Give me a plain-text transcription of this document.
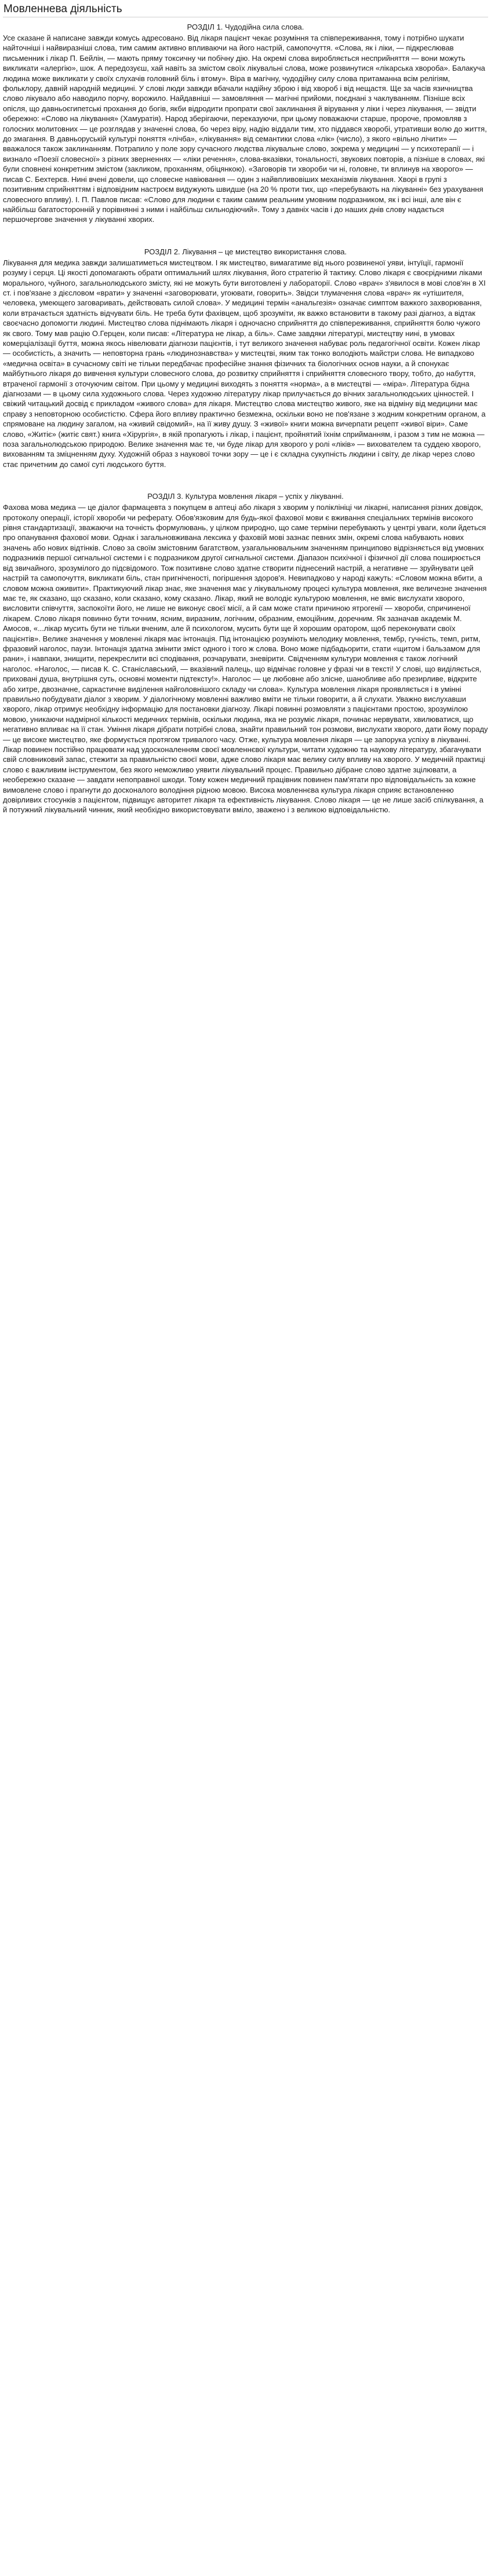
Мовленнева діяльність
РОЗДІЛ 1. Чудодійна сила слова.

Усе сказане й написане завжди комусь адресовано. Від лікаря пацієнт чекає розуміння та співпереживання, тому і потрібно шукати найточніші і найвиразніші слова, тим самим активно впливаючи на його настрій, самопочуття. «Слова, як і ліки, — підкреслював письменник і лікар П. Бейлін, — мають пряму токсичну чи побічну дію. На окремі слова виробляється несприйняття — вони можуть викликати «алергію», шок. А передозуєш, хай навіть за змістом своїх лікувальні слова, може розвинутися «лікарська хвороба». Балакуча людина може викликати у своїх слухачів головний біль і втому». Віра в магічну, чудодійну силу слова притаманна всім релігіям, фольклору, давній народній медицині. У слові люди завжди вбачали надійну зброю і від хвороб і від нещастя. Ще за часів язичництва слово лікувало або наводило порчу, ворожило. Найдавніші — замовляння — магічні прийоми, поєднані з чаклуванням. Пізніше всіх опісля, що давньоєгипетські прохання до богів, якби відродити пропрати свої заклинання й вірування у ліки і через лікування, — звідти обережно: «Слово на лікування» (Хамуратія). Народ зберігаючи, переказуючи, при цьому поважаючи старше, пророче, промовляв з голосних молитовних — це розглядав у значенні слова, бо через віру, надію віддали тим, хто піддався хворобі, утративши волю до життя, до змагання. В давньоруській культурі поняття «лічба», «лікування» від семантики слова «лік» (число), з якого «вільно лічити» — вважалося також заклинанням. Потрапило у поле зору сучасного людства лікувальне слово, зокрема у медицині — у психотерапії — і визнало «Поезії словесної» з різних зверненнях — «ліки речення», слова-вказівки, тональності, звукових повторів, а пізніше в словах, які були сповнені конкретним змістом (закликом, проханням, обіцянкою). «Заговорів ти хвороби чи ні, головне, ти вплинув на хворого» — писав С. Бехтерєв. Нині вчені довели, що словесне навіювання — один з найвпливовіших механізмів лікування. Хворі в групі з позитивним сприйняттям і відповідним настроєм видужують швидше (на 20 % проти тих, що «перебувають на лікуванні» без урахування словесного впливу). І. П. Павлов писав: «Слово для людини є таким самим реальним умовним подразником, як і всі інші, але він є найбільш багатосторонній у порівнянні з ними і найбільш сильнодіючий». Тому з давніх часів і до наших днів слову надається першочергове значення у лікуванні хворих.

РОЗДІЛ 2. Лікування – це мистецтво використання слова.

Лікування для медика завжди залишатиметься мистецтвом. І як мистецтво, вимагатиме від нього розвиненої уяви, інтуїції, гармонії розуму і серця. Ці якості допомагають обрати оптимальний шлях лікування, його стратегію й тактику. Слово лікаря є своєрідними ліками морального, чуйного, загальнолюдського змісту, які не можуть бути виготовлені у лабораторії. Слово «врач» з'явилося в мові слов'ян в XI ст. і пов'язане з дієсловом «врати» у значенні «заговорювати, угоювати, говорить». Звідси тлумачення слова «врач» як «утішителя, человека, умеющего заговаривать, действовать силой слова». У медицині термін «анальгезія» означає симптом важкого захворювання, коли втрачається здатність відчувати біль. Не треба бути фахівцем, щоб зрозуміти, як важко встановити в такому разі діагноз, а відтак своєчасно допомогти людині. Мистецтво слова піднімають лікаря і одночасно сприйняття до співпереживання, сприйняття болю чужого як свого. Тому мав рацію О.Герцен, коли писав: «Література не лікар, а біль». Саме завдяки літературі, мистецтву нині, в умовах комерціалізації буття, можна якось нівелювати діагнози пацієнтів, і тут великого значення набуває роль педагогічної освіти. Кожен лікар — особистість, а значить — неповторна грань «людинознавства» у мистецтві, яким так тонко володіють майстри слова. Не випадково «медична освіта» в сучасному світі не тільки передбачає професійне знання фізичних та біологічних основ науки, а й спонукає майбутнього лікаря до вивчення культури словесного слова, до розвитку сприйняття і сприйняття словесного твору, тобто, до набуття, втраченої гармонії з оточуючим світом. При цьому у медицині виходять з поняття «норма», а в мистецтві — «міра». Література бідна діагнозами — в цьому сила художнього слова. Через художню літературу лікар прилучається до вічних загальнолюдських цінностей. І свіжий читацький досвід є прикладом «живого слова» для лікаря. Мистецтво слова мистецтво живого, яке на відміну від медицини має справу з неповторною особистістю. Сфера його впливу практично безмежна, оскільки воно не пов'язане з жодним конкретним органом, а спрямоване на людину загалом, на «живий свідомий», на її живу душу. З «живої» книги можна вичерпати рецепт «живої віри». Саме слово, «Житіє» (житіє свят.) книга «Хірургія», в якій пропагують і лікар, і пацієнт, пройнятий їхнім сприйманням, і разом з тим не можна — поза загальнолюдською природою. Велике значення має те, чи буде лікар для хворого у ролі «ліків» — вихователем та суддею хворого, вихованням та зміцненням духу. Художній образ з наукової точки зору — це і є складна сукупність людини і світу, де лікар через слово стає причетним до самої суті людського буття.

РОЗДІЛ 3. Культура мовлення лікаря – успіх у лікуванні.

Фахова мова медика — це діалог фармацевта з покупцем в аптеці або лікаря з хворим у поліклініці чи лікарні, написання різних довідок, протоколу операції, історії хвороби чи реферату. Обов'язковим для будь-якої фахової мови є вживання спеціальних термінів високого рівня стандартизації, зважаючи на точність формулювань, у цілком природно, що саме терміни перебувають у центрі уваги, коли йдеться про опанування фахової мови. Однак і загальновживана лексика у фаховій мові зазнає певних змін, окремі слова набувають нових значень або нових відтінків. Слово за своїм змістовним багатством, узагальнювальним значенням принципово відрізняється від умовних подразників першої сигнальної системи і є подразником другої сигнальної системи. Діапазон психічної і фізичної дії слова поширюється від звичайного, зрозумілого до підсвідомого. Тож позитивне слово здатне створити піднесений настрій, а негативне — зруйнувати цей настрій та самопочуття, викликати біль, стан пригніченості, погіршення здоров'я. Невипадково у народі кажуть: «Словом можна вбити, а словом можна оживити». Практикуючий лікар знає, яке значення має у лікувальному процесі культура мовлення, яке величезне значення має те, як сказано, що сказано, коли сказано, кому сказано. Лікар, який не володіє культурою мовлення, не вміє вислухати хворого, висловити співчуття, заспокоїти його, не лише не виконує своєї місії, а й сам може стати причиною ятрогенії — хвороби, спричиненої лікарем. Слово лікаря повинно бути точним, ясним, виразним, логічним, образним, емоційним, доречним. Як зазначав академік М. Амосов, «...лікар мусить бути не тільки вченим, але й психологом, мусить бути ще й хорошим оратором, щоб переконувати своїх пацієнтів». Велике значення у мовленні лікаря має інтонація. Під інтонацією розуміють мелодику мовлення, тембр, гучність, темп, ритм, фразовий наголос, паузи. Інтонація здатна змінити зміст одного і того ж слова. Воно може підбадьорити, стати «щитом і бальзамом для рани», і навпаки, знищити, перекреслити всі сподівання, розчарувати, зневірити. Свідченням культури мовлення є також логічний наголос. «Наголос, — писав К. С. Станіславський, — вказівний палець, що відмічає головне у фразі чи в тексті! У слові, що виділяється, приховані душа, внутрішня суть, основні моменти підтексту!». Наголос — це любовне або злісне, шанобливе або презирливе, відкрите або хитре, двозначне, саркастичне виділення найголовнішого складу чи слова». Культура мовлення лікаря проявляється і в умінні правильно побудувати діалог з хворим. У діалогічному мовленні важливо вміти не тільки говорити, а й слухати. Уважно вислухавши хворого, лікар отримує необхідну інформацію для постановки діагнозу. Лікарі повинні розмовляти з пацієнтами простою, зрозумілою мовою, уникаючи надмірної кількості медичних термінів, оскільки людина, яка не розуміє лікаря, починає нервувати, хвилюватися, що негативно впливає на її стан. Уміння лікаря дібрати потрібні слова, знайти правильний тон розмови, вислухати хворого, дати йому пораду — це високе мистецтво, яке формується протягом тривалого часу. Отже, культура мовлення лікаря — це запорука успіху в лікуванні. Лікар повинен постійно працювати над удосконаленням своєї мовленнєвої культури, читати художню та наукову літературу, збагачувати свій словниковий запас, стежити за правильністю своєї мови, адже слово лікаря має велику силу впливу на хворого. У медичній практиці слово є важливим інструментом, без якого неможливо уявити лікувальний процес. Правильно дібране слово здатне зцілювати, а необережно сказане — завдати непоправної шкоди. Тому кожен медичний працівник повинен пам'ятати про відповідальність за кожне вимовлене слово і прагнути до досконалого володіння рідною мовою. Висока мовленнєва культура лікаря сприяє встановленню довірливих стосунків з пацієнтом, підвищує авторитет лікаря та ефективність лікування. Слово лікаря — це не лише засіб спілкування, а й потужний лікувальний чинник, який необхідно використовувати вміло, зважено і з великою відповідальністю.
